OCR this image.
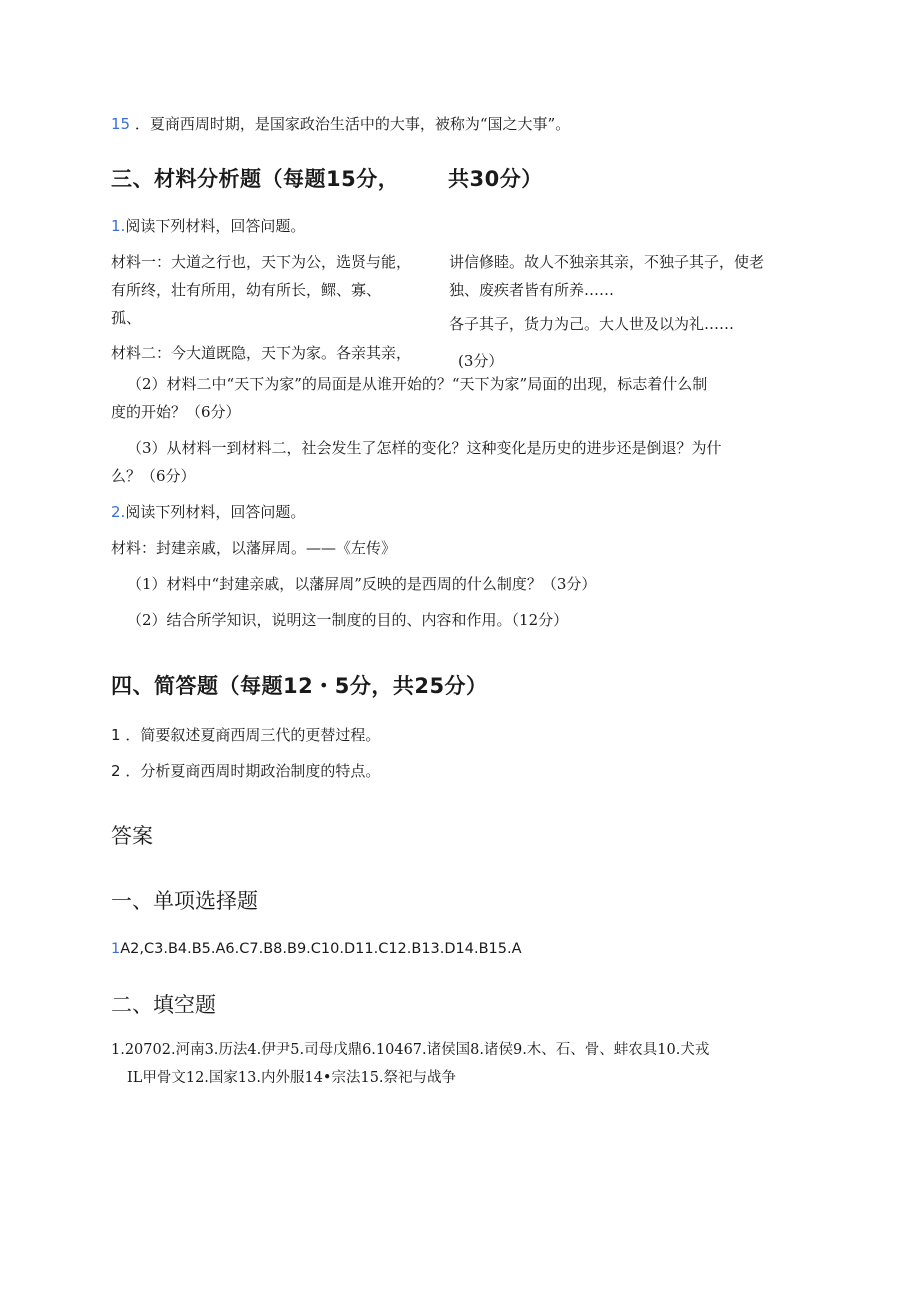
15 ．夏商西周时期，是国家政治生活中的大事，被称为“国之大事”。
三、材料分析题（每题15分， 共30分）
1.阅读下列材料，回答问题。
材料一：大道之行也，天下为公，选贤与能，
有所终，壮有所用，幼有所长，鳏、寡、
孤、
讲信修睦。故人不独亲其亲，不独子其子，使老
独、废疾者皆有所养……
各子其子，货力为己。大人世及以为礼……
材料二：今大道既隐，天下为家。各亲其亲，	(3分）
（2）材料二中“天下为家”的局面是从谁开始的？“天下为家”局面的出现，标志着什么制
度的开始？（6分）
（3）从材料一到材料二，社会发生了怎样的变化？这种变化是历史的进步还是倒退？为什
么？（6分）
2.阅读下列材料，回答问题。
材料：封建亲戚，以藩屏周。——《左传》
（1）材料中“封建亲戚，以藩屏周”反映的是西周的什么制度？（3分）
（2）结合所学知识，说明这一制度的目的、内容和作用。（12分）
四、简答题（每题12・5分，共25分）
1 ．简要叙述夏商西周三代的更替过程。
2 ．分析夏商西周时期政治制度的特点。
答案
一、单项选择题
1A2,C3.B4.B5.A6.C7.B8.B9.C10.D11.C12.B13.D14.B15.A
二、填空题
1.20702.河南3.历法4.伊尹5.司母戊鼎6.10467.诸侯国8.诸侯9.木、石、骨、蚌农具10.犬戎
IL甲骨文12.国家13.内外服14•宗法15.祭祀与战争
